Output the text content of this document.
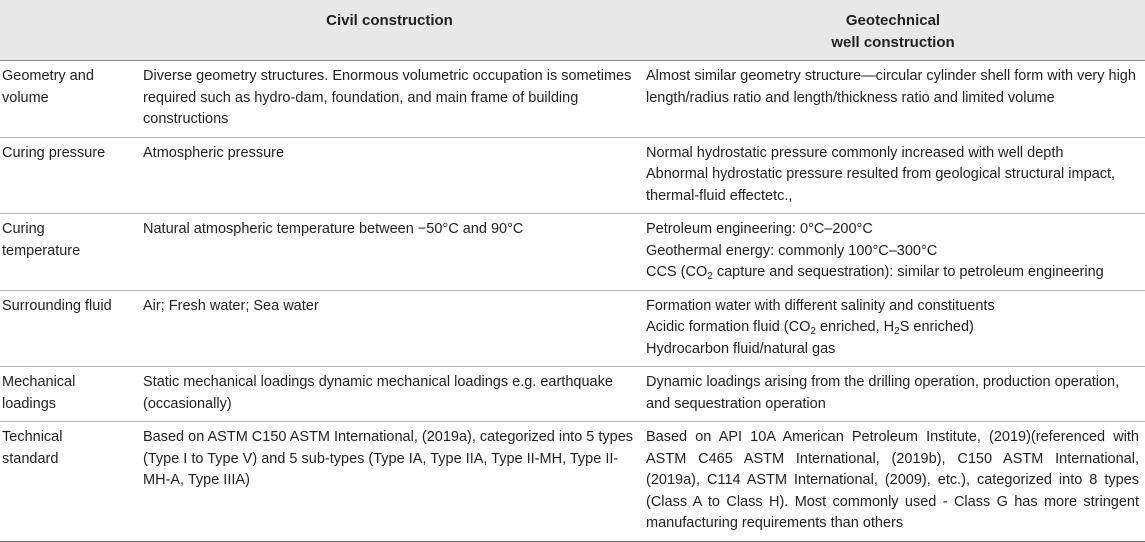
	Civil construction	Geotechnical
well construction

Geometry and
volume	Diverse geometry structures. Enormous volumetric occupation is sometimes required such as hydro-dam, foundation, and main frame of building constructions	Almost similar geometry structure—circular cylinder shell form with very high length/radius ratio and length/thickness ratio and limited volume

Curing pressure	Atmospheric pressure	Normal hydrostatic pressure commonly increased with well depth
Abnormal hydrostatic pressure resulted from geological structural impact, thermal-fluid effectetc.,

Curing
temperature	Natural atmospheric temperature between −50°C and 90°C	Petroleum engineering: 0°C–200°C
Geothermal energy: commonly 100°C–300°C
CCS ($CO_2$ capture and sequestration): similar to petroleum engineering

Surrounding fluid	Air; Fresh water; Sea water	Formation water with different salinity and constituents
Acidic formation fluid ($CO_2$ enriched, $H_2S$ enriched)
Hydrocarbon fluid/natural gas

Mechanical
loadings	Static mechanical loadings dynamic mechanical loadings e.g. earthquake (occasionally)	Dynamic loadings arising from the drilling operation, production operation, and sequestration operation

Technical
standard	Based on ASTM C150 ASTM International, (2019a), categorized into 5 types (Type I to Type V) and 5 sub-types (Type IA, Type IIA, Type II-MH, Type II-MH-A, Type IIIA)	Based on API 10A American Petroleum Institute, (2019)(referenced with ASTM C465 ASTM International, (2019b), C150 ASTM International, (2019a), C114 ASTM International, (2009), etc.), categorized into 8 types (Class A to Class H). Most commonly used - Class G has more stringent manufacturing requirements than others
